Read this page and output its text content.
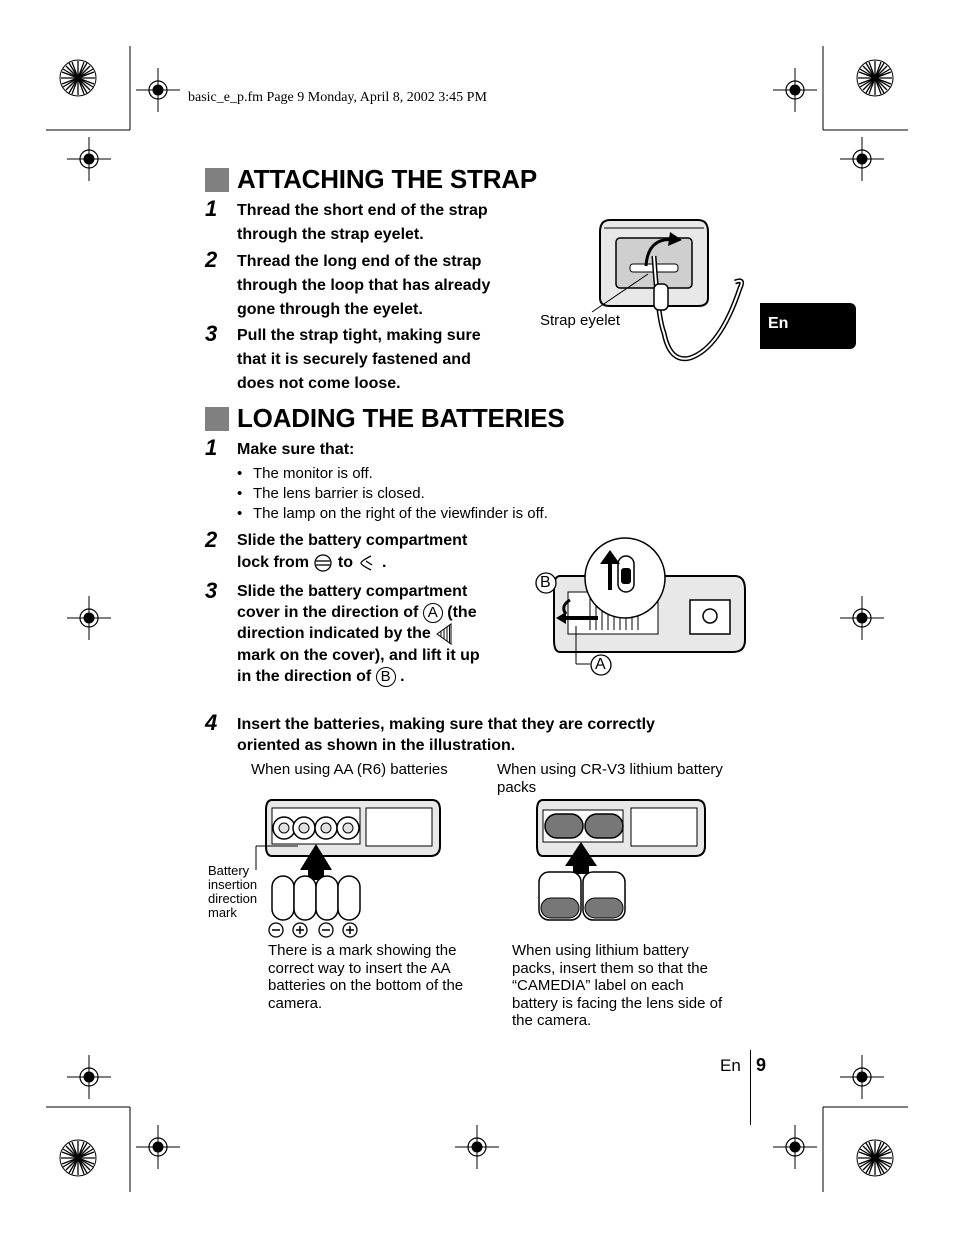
basic_e_p.fm Page 9 Monday, April 8, 2002 3:45 PM
En
ATTACHING THE STRAP
1 Thread the short end of the strap
through the strap eyelet.
2 Thread the long end of the strap
through the loop that has already
gone through the eyelet.
3 Pull the strap tight, making sure
that it is securely fastened and
does not come loose.
Strap eyelet
LOADING THE BATTERIES
1 Make sure that:
• The monitor is off.
• The lens barrier is closed.
• The lamp on the right of the viewfinder is off.
2 Slide the battery compartment
lock from to .
3 Slide the battery compartment
cover in the direction of A (the
direction indicated by the
mark on the cover), and lift it up
in the direction of B .
B
A
4 Insert the batteries, making sure that they are correctly
oriented as shown in the illustration.
When using AA (R6) batteries	When using CR-V3 lithium battery
packs
Battery
insertion
direction
mark
There is a mark showing the
correct way to insert the AA
batteries on the bottom of the
camera.
When using lithium battery
packs, insert them so that the
“CAMEDIA” label on each
battery is facing the lens side of
the camera.
En 9
